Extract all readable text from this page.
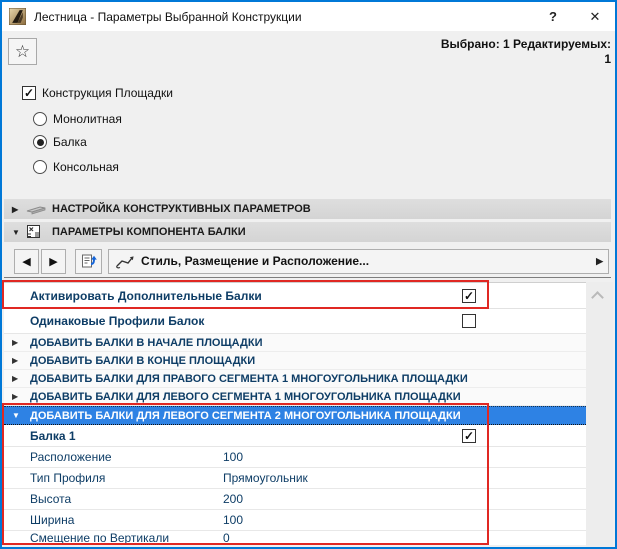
Лестница - Параметры Выбранной Конструкции	?	✕
☆	Выбрано: 1 Редактируемых:
1
✓ Конструкция Площадки
Монолитная
Балка
Консольная
▶	НАСТРОЙКА КОНСТРУКТИВНЫХ ПАРАМЕТРОВ
▼	ПАРАМЕТРЫ КОМПОНЕНТА БАЛКИ
◀	▶	Стиль, Размещение и Расположение...	▶
Активировать Дополнительные Балки	✓
Одинаковые Профили Балок
▶ ДОБАВИТЬ БАЛКИ В НАЧАЛЕ ПЛОЩАДКИ
▶ ДОБАВИТЬ БАЛКИ В КОНЦЕ ПЛОЩАДКИ
▶ ДОБАВИТЬ БАЛКИ ДЛЯ ПРАВОГО СЕГМЕНТА 1 МНОГОУГОЛЬНИКА ПЛОЩАДКИ
▶ ДОБАВИТЬ БАЛКИ ДЛЯ ЛЕВОГО СЕГМЕНТА 1 МНОГОУГОЛЬНИКА ПЛОЩАДКИ
▼ ДОБАВИТЬ БАЛКИ ДЛЯ ЛЕВОГО СЕГМЕНТА 2 МНОГОУГОЛЬНИКА ПЛОЩАДКИ
Балка 1	✓
Расположение	100
Тип Профиля	Прямоугольник
Высота	200
Ширина	100
Смещение по Вертикали	0
